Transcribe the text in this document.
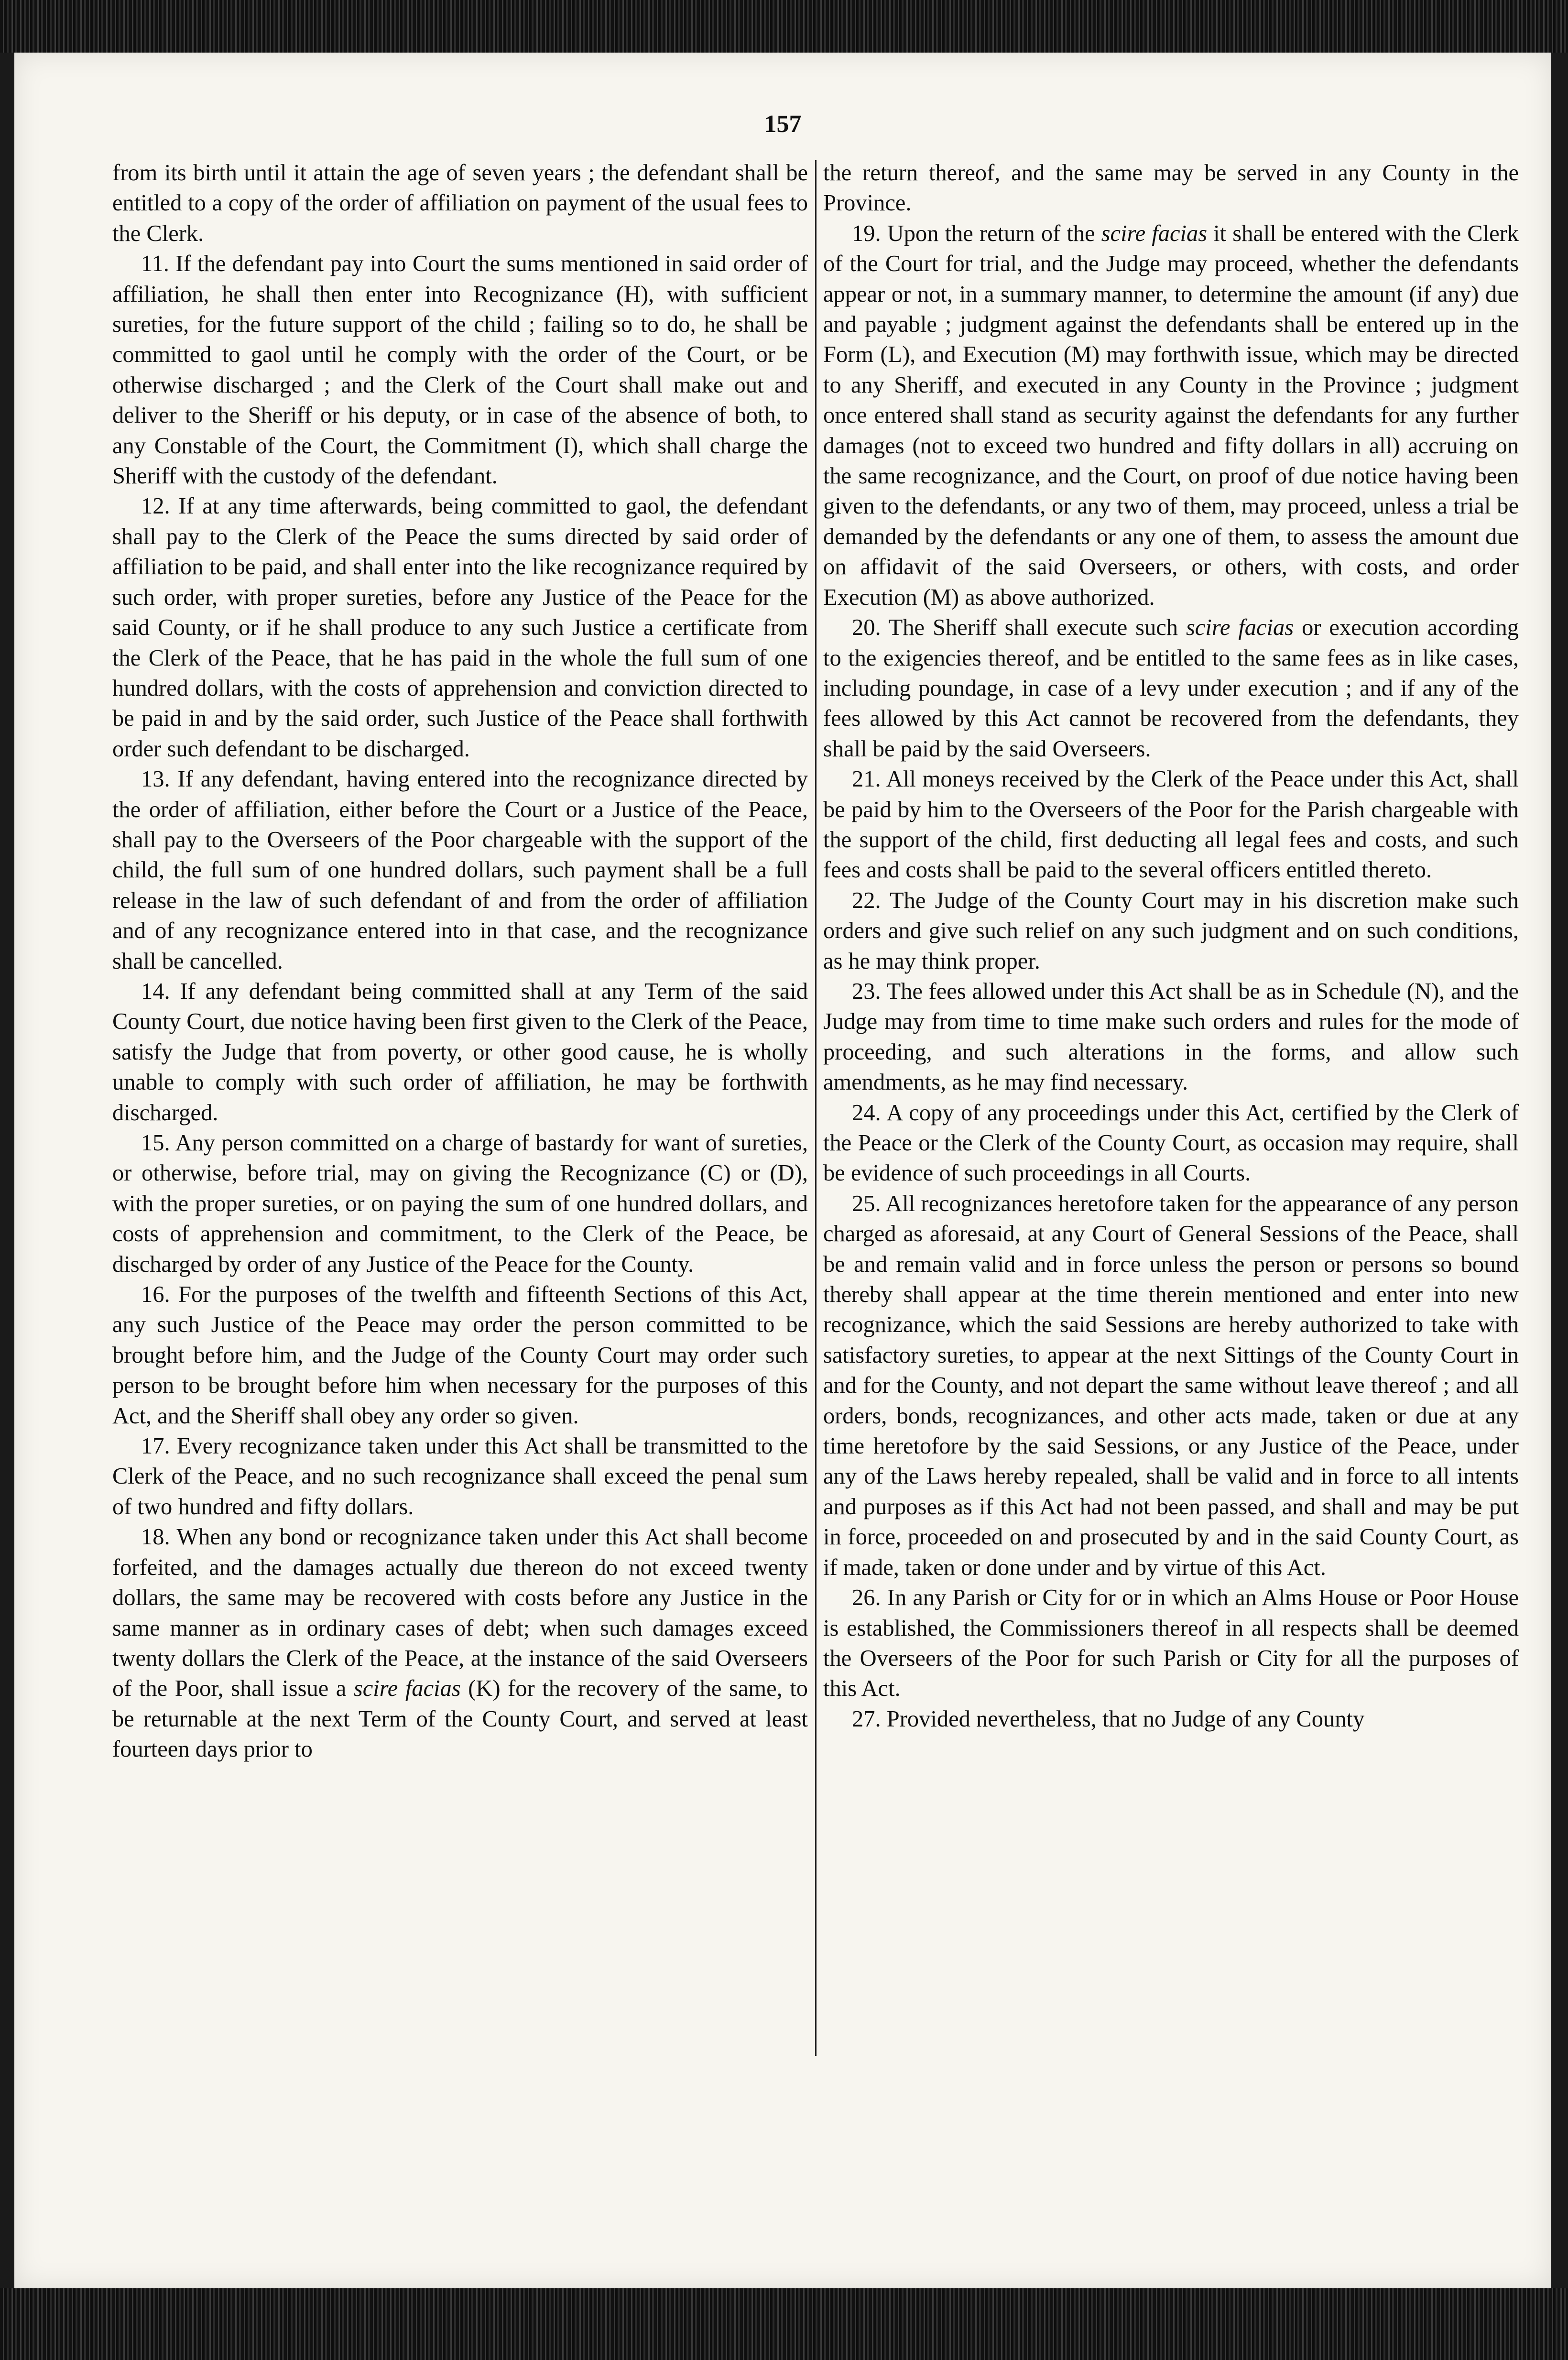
157

from its birth until it attain the age of seven years ; the defendant shall be entitled to a copy of the order of affiliation on payment of the usual fees to the Clerk.

11. If the defendant pay into Court the sums mentioned in said order of affiliation, he shall then enter into Recognizance (H), with sufficient sureties, for the future support of the child ; failing so to do, he shall be committed to gaol until he comply with the order of the Court, or be otherwise discharged ; and the Clerk of the Court shall make out and deliver to the Sheriff or his deputy, or in case of the absence of both, to any Constable of the Court, the Commitment (I), which shall charge the Sheriff with the custody of the defendant.

12. If at any time afterwards, being committed to gaol, the defendant shall pay to the Clerk of the Peace the sums directed by said order of affiliation to be paid, and shall enter into the like recognizance required by such order, with proper sureties, before any Justice of the Peace for the said County, or if he shall produce to any such Justice a certificate from the Clerk of the Peace, that he has paid in the whole the full sum of one hundred dollars, with the costs of apprehension and conviction directed to be paid in and by the said order, such Justice of the Peace shall forthwith order such defendant to be discharged.

13. If any defendant, having entered into the recognizance directed by the order of affiliation, either before the Court or a Justice of the Peace, shall pay to the Overseers of the Poor chargeable with the support of the child, the full sum of one hundred dollars, such payment shall be a full release in the law of such defendant of and from the order of affiliation and of any recognizance entered into in that case, and the recognizance shall be cancelled.

14. If any defendant being committed shall at any Term of the said County Court, due notice having been first given to the Clerk of the Peace, satisfy the Judge that from poverty, or other good cause, he is wholly unable to comply with such order of affiliation, he may be forthwith discharged.

15. Any person committed on a charge of bastardy for want of sureties, or otherwise, before trial, may on giving the Recognizance (C) or (D), with the proper sureties, or on paying the sum of one hundred dollars, and costs of apprehension and commitment, to the Clerk of the Peace, be discharged by order of any Justice of the Peace for the County.

16. For the purposes of the twelfth and fifteenth Sections of this Act, any such Justice of the Peace may order the person committed to be brought before him, and the Judge of the County Court may order such person to be brought before him when necessary for the purposes of this Act, and the Sheriff shall obey any order so given.

17. Every recognizance taken under this Act shall be transmitted to the Clerk of the Peace, and no such recognizance shall exceed the penal sum of two hundred and fifty dollars.

18. When any bond or recognizance taken under this Act shall become forfeited, and the damages actually due thereon do not exceed twenty dollars, the same may be recovered with costs before any Justice in the same manner as in ordinary cases of debt; when such damages exceed twenty dollars the Clerk of the Peace, at the instance of the said Overseers of the Poor, shall issue a scire facias (K) for the recovery of the same, to be returnable at the next Term of the County Court, and served at least fourteen days prior to

the return thereof, and the same may be served in any County in the Province.

19. Upon the return of the scire facias it shall be entered with the Clerk of the Court for trial, and the Judge may proceed, whether the defendants appear or not, in a summary manner, to determine the amount (if any) due and payable ; judgment against the defendants shall be entered up in the Form (L), and Execution (M) may forthwith issue, which may be directed to any Sheriff, and executed in any County in the Province ; judgment once entered shall stand as security against the defendants for any further damages (not to exceed two hundred and fifty dollars in all) accruing on the same recognizance, and the Court, on proof of due notice having been given to the defendants, or any two of them, may proceed, unless a trial be demanded by the defendants or any one of them, to assess the amount due on affidavit of the said Overseers, or others, with costs, and order Execution (M) as above authorized.

20. The Sheriff shall execute such scire facias or execution according to the exigencies thereof, and be entitled to the same fees as in like cases, including poundage, in case of a levy under execution ; and if any of the fees allowed by this Act cannot be recovered from the defendants, they shall be paid by the said Overseers.

21. All moneys received by the Clerk of the Peace under this Act, shall be paid by him to the Overseers of the Poor for the Parish chargeable with the support of the child, first deducting all legal fees and costs, and such fees and costs shall be paid to the several officers entitled thereto.

22. The Judge of the County Court may in his discretion make such orders and give such relief on any such judgment and on such conditions, as he may think proper.

23. The fees allowed under this Act shall be as in Schedule (N), and the Judge may from time to time make such orders and rules for the mode of proceeding, and such alterations in the forms, and allow such amendments, as he may find necessary.

24. A copy of any proceedings under this Act, certified by the Clerk of the Peace or the Clerk of the County Court, as occasion may require, shall be evidence of such proceedings in all Courts.

25. All recognizances heretofore taken for the appearance of any person charged as aforesaid, at any Court of General Sessions of the Peace, shall be and remain valid and in force unless the person or persons so bound thereby shall appear at the time therein mentioned and enter into new recognizance, which the said Sessions are hereby authorized to take with satisfactory sureties, to appear at the next Sittings of the County Court in and for the County, and not depart the same without leave thereof ; and all orders, bonds, recognizances, and other acts made, taken or due at any time heretofore by the said Sessions, or any Justice of the Peace, under any of the Laws hereby repealed, shall be valid and in force to all intents and purposes as if this Act had not been passed, and shall and may be put in force, proceeded on and prosecuted by and in the said County Court, as if made, taken or done under and by virtue of this Act.

26. In any Parish or City for or in which an Alms House or Poor House is established, the Commissioners thereof in all respects shall be deemed the Overseers of the Poor for such Parish or City for all the purposes of this Act.

27. Provided nevertheless, that no Judge of any County
